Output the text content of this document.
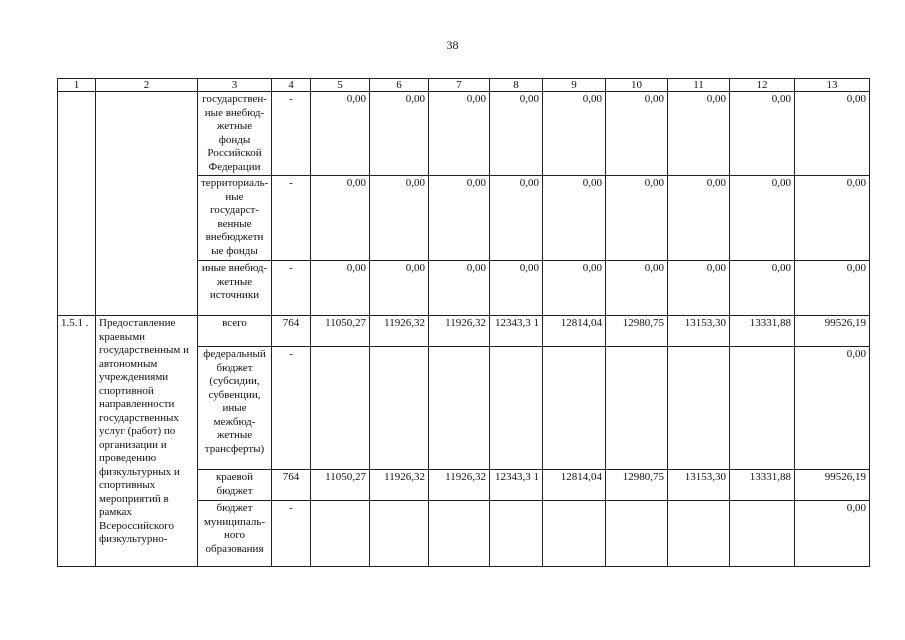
38
1	2	3	4	5	6	7	8	9	10	11	12	13
		государствен-ные внебюд-жетные фонды Российской Федерации	-	0,00	0,00	0,00	0,00	0,00	0,00	0,00	0,00	0,00
		территориаль-ные государст-венные внебюджетн ые фонды	-	0,00	0,00	0,00	0,00	0,00	0,00	0,00	0,00	0,00
		иные внебюд-жетные источники	-	0,00	0,00	0,00	0,00	0,00	0,00	0,00	0,00	0,00
1.5.1 .	Предоставление краевыми государственным и автономным учреждениями спортивной направленности государственных услуг (работ) по организации и проведению физкультурных и спортивных мероприятий в рамках Всероссийского физкультурно-	всего	764	11050,27	11926,32	11926,32	12343,3 1	12814,04	12980,75	13153,30	13331,88	99526,19
		федеральный бюджет (субсидии, субвенции, иные межбюд-жетные трансферты)	-									0,00
		краевой бюджет	764	11050,27	11926,32	11926,32	12343,3 1	12814,04	12980,75	13153,30	13331,88	99526,19
		бюджет муниципаль-ного образования	-									0,00
